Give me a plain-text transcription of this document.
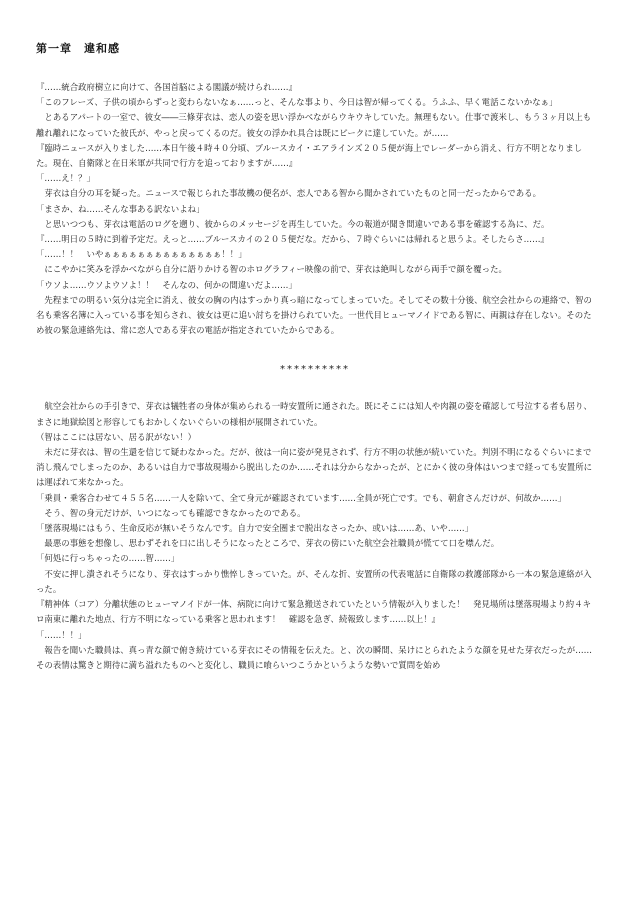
第一章　違和感

『……統合政府樹立に向けて、各国首脳による閣議が続けられ……』

「このフレーズ、子供の頃からずっと変わらないなぁ……っと、そんな事より、今日は智が帰ってくる。うふふ、早く電話こないかなぁ」

　とあるアパートの一室で、彼女――三條芽衣は、恋人の姿を思い浮かべながらウキウキしていた。無理もない。仕事で渡米し、もう３ヶ月以上も離れ離れになっていた彼氏が、やっと戻ってくるのだ。彼女の浮かれ具合は既にピークに達していた。が……

『臨時ニュースが入りました……本日午後４時４０分頃、ブルースカイ・エアラインズ２０５便が海上でレーダーから消え、行方不明となりました。現在、自衛隊と在日米軍が共同で行方を追っておりますが……』

「……え！？」

　芽衣は自分の耳を疑った。ニュースで報じられた事故機の便名が、恋人である智から聞かされていたものと同一だったからである。

「まさか、ね……そんな事ある訳ないよね」

　と思いつつも、芽衣は電話のログを遡り、彼からのメッセージを再生していた。今の報道が聞き間違いである事を確認する為に、だ。

『……明日の５時に到着予定だ。えっと……ブルースカイの２０５便だな。だから、７時ぐらいには帰れると思うよ。そしたらさ……』

「……！！　いやぁぁぁぁぁぁぁぁぁぁぁぁぁぁ！！」

　にこやかに笑みを浮かべながら自分に語りかける智のホログラフィー映像の前で、芽衣は絶叫しながら両手で顔を覆った。

「ウソよ……ウソよウソよ！！　そんなの、何かの間違いだよ……」

　先程までの明るい気分は完全に消え、彼女の胸の内はすっかり真っ暗になってしまっていた。そしてその数十分後、航空会社からの連絡で、智の名も乗客名簿に入っている事を知らされ、彼女は更に追い討ちを掛けられていた。一世代目ヒューマノイドである智に、両親は存在しない。そのため彼の緊急連絡先は、常に恋人である芽衣の電話が指定されていたからである。

**********

　航空会社からの手引きで、芽衣は犠牲者の身体が集められる一時安置所に通された。既にそこには知人や肉親の姿を確認して号泣する者も居り、まさに地獄絵図と形容してもおかしくないぐらいの様相が展開されていた。

（智はここには居ない、居る訳がない！）

　未だに芽衣は、智の生還を信じて疑わなかった。だが、彼は一向に姿が発見されず、行方不明の状態が続いていた。判別不明になるぐらいにまで消し飛んでしまったのか、あるいは自力で事故現場から脱出したのか……それは分からなかったが、とにかく彼の身体はいつまで経っても安置所には運ばれて来なかった。

「乗員・乗客合わせて４５５名……一人を除いて、全て身元が確認されています……全員が死亡です。でも、朝倉さんだけが、何故か……」

　そう、智の身元だけが、いつになっても確認できなかったのである。

「墜落現場にはもう、生命反応が無いそうなんです。自力で安全圏まで脱出なさったか、或いは……あ、いや……」

　最悪の事態を想像し、思わずそれを口に出しそうになったところで、芽衣の傍にいた航空会社職員が慌てて口を噤んだ。

「何処に行っちゃったの……智……」

　不安に押し潰されそうになり、芽衣はすっかり憔悴しきっていた。が、そんな折、安置所の代表電話に自衛隊の救護部隊から一本の緊急連絡が入った。

『精神体（コア）分離状態のヒューマノイドが一体、病院に向けて緊急搬送されていたという情報が入りました！　発見場所は墜落現場より約４キロ南東に離れた地点、行方不明になっている乗客と思われます！　確認を急ぎ、続報致します……以上！』

「……！！」

　報告を聞いた職員は、真っ青な顔で俯き続けている芽衣にその情報を伝えた。と、次の瞬間、呆けにとられたような顔を見せた芽衣だったが……その表情は驚きと期待に満ち溢れたものへと変化し、職員に喰らいつこうかというような勢いで質問を始め
